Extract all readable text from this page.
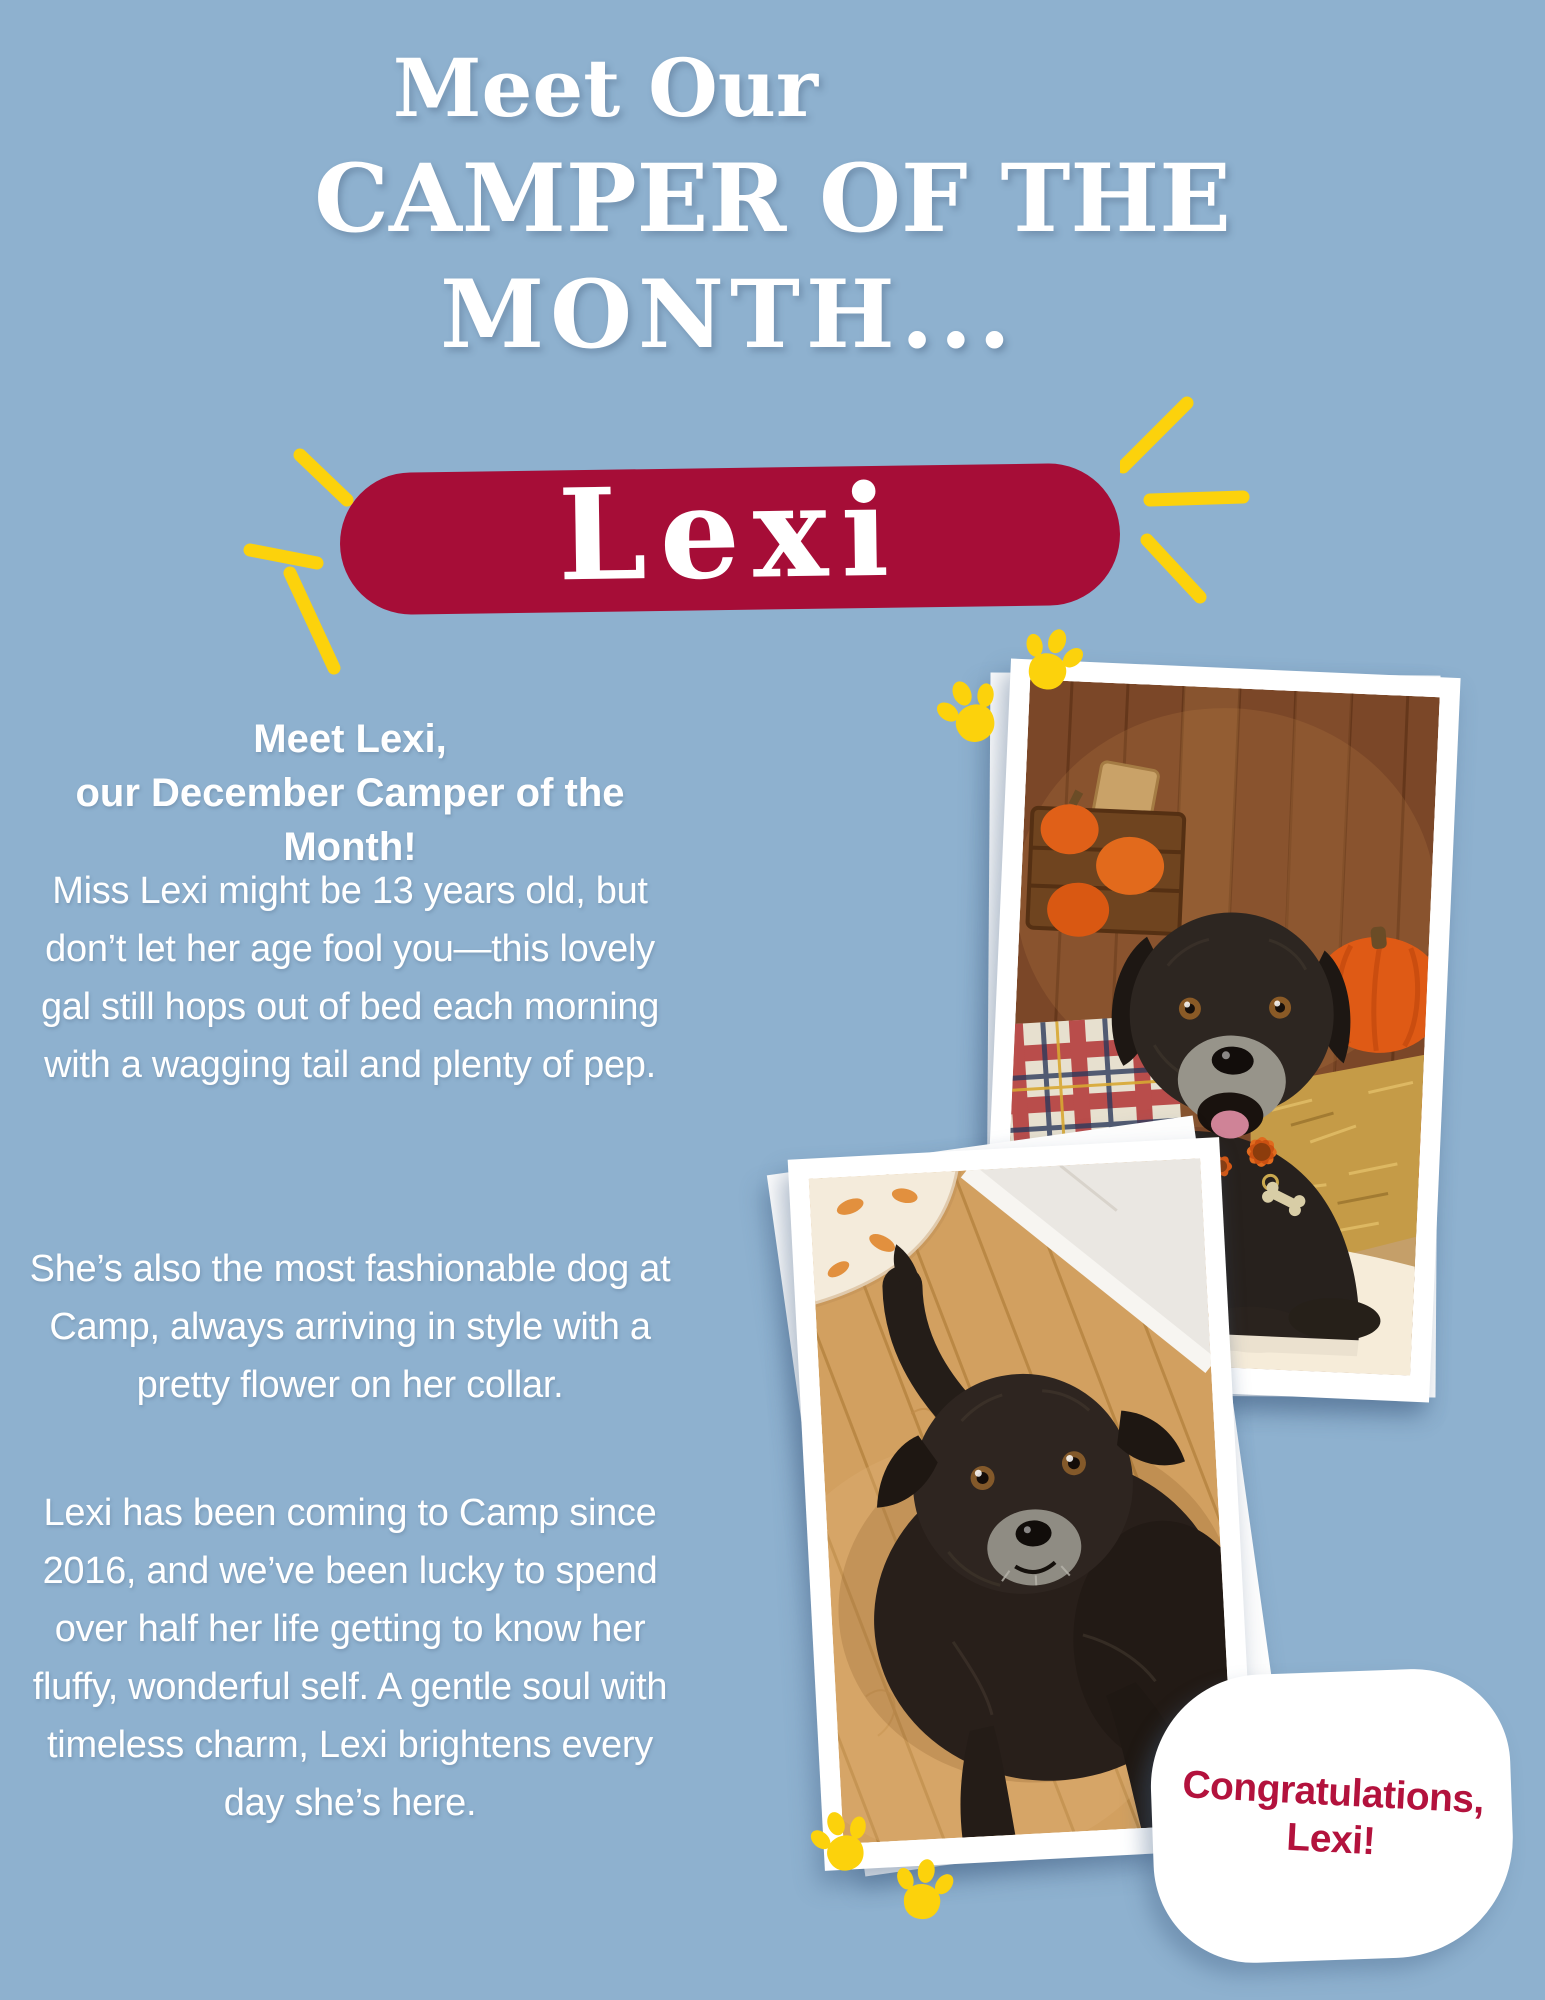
Meet Our
CAMPER OF THE
MONTH...
Lexi
Meet Lexi,
our December Camper of the Month!
Miss Lexi might be 13 years old, but don’t let her age fool you—this lovely gal still hops out of bed each morning with a wagging tail and plenty of pep.
She’s also the most fashionable dog at Camp, always arriving in style with a pretty flower on her collar.
Lexi has been coming to Camp since 2016, and we’ve been lucky to spend over half her life getting to know her fluffy, wonderful self. A gentle soul with timeless charm, Lexi brightens every day she’s here.	Congratulations,
Lexi!
